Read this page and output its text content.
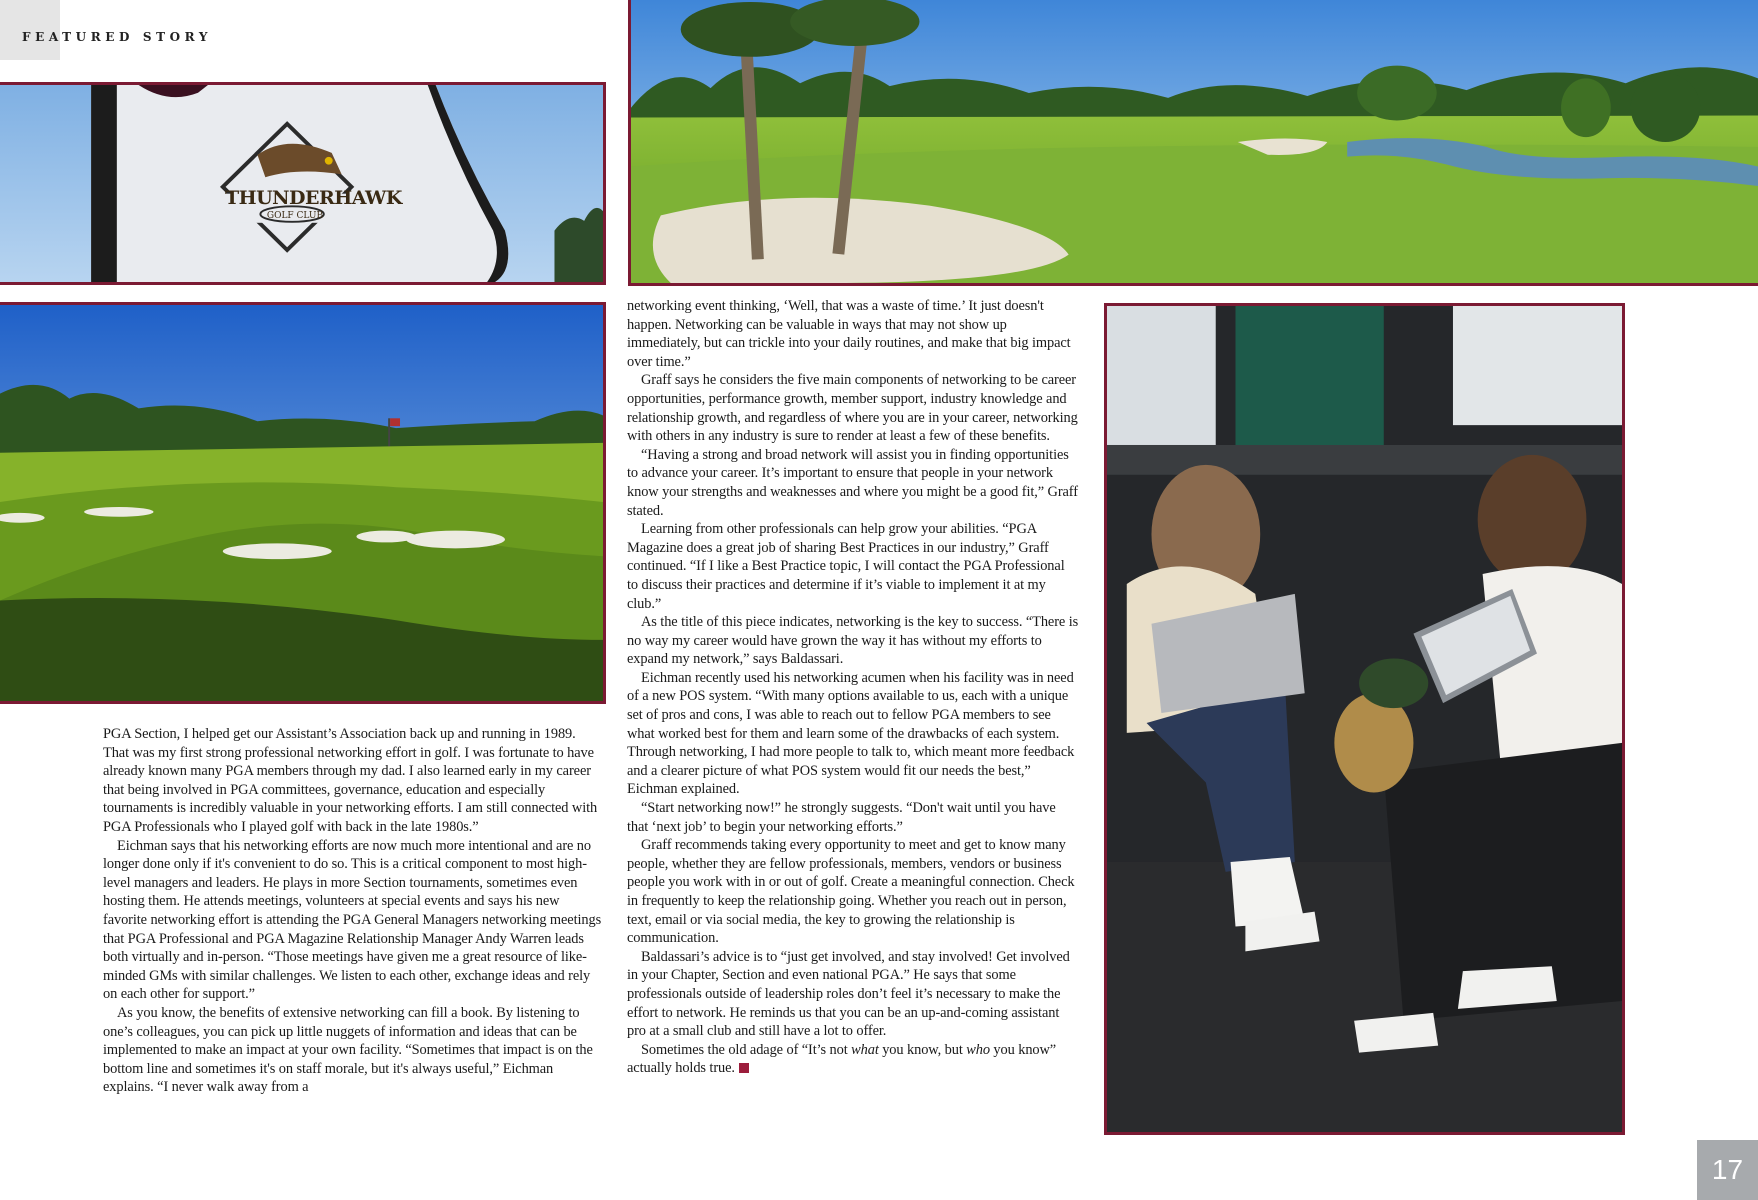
FEATURED STORY
THUNDERHAWK
GOLF CLUB

PGA Section, I helped get our Assistant’s Association back up and running in 1989. That was my first strong professional networking effort in golf. I was fortunate to have already known many PGA members through my dad. I also learned early in my career that being involved in PGA committees, governance, education and especially tournaments is incredibly valuable in your networking efforts. I am still connected with PGA Professionals who I played golf with back in the late 1980s.”

Eichman says that his networking efforts are now much more intentional and are no longer done only if it's convenient to do so. This is a critical component to most high-level managers and leaders. He plays in more Section tournaments, sometimes even hosting them. He attends meetings, volunteers at special events and says his new favorite networking effort is attending the PGA General Managers networking meetings that PGA Professional and PGA Magazine Relationship Manager Andy Warren leads both virtually and in-person. “Those meetings have given me a great resource of like-minded GMs with similar challenges. We listen to each other, exchange ideas and rely on each other for support.”

As you know, the benefits of extensive networking can fill a book. By listening to one’s colleagues, you can pick up little nuggets of information and ideas that can be implemented to make an impact at your own facility. “Sometimes that impact is on the bottom line and sometimes it's on staff morale, but it's always useful,” Eichman explains. “I never walk away from a

networking event thinking, ‘Well, that was a waste of time.’ It just doesn't happen. Networking can be valuable in ways that may not show up immediately, but can trickle into your daily routines, and make that big impact over time.”

Graff says he considers the five main components of networking to be career opportunities, performance growth, member support, industry knowledge and relationship growth, and regardless of where you are in your career, networking with others in any industry is sure to render at least a few of these benefits.

“Having a strong and broad network will assist you in finding opportunities to advance your career. It’s important to ensure that people in your network know your strengths and weaknesses and where you might be a good fit,” Graff stated.

Learning from other professionals can help grow your abilities. “PGA Magazine does a great job of sharing Best Practices in our industry,” Graff continued. “If I like a Best Practice topic, I will contact the PGA Professional to discuss their practices and determine if it’s viable to implement it at my club.”

As the title of this piece indicates, networking is the key to success. “There is no way my career would have grown the way it has without my efforts to expand my network,” says Baldassari.

Eichman recently used his networking acumen when his facility was in need of a new POS system. “With many options available to us, each with a unique set of pros and cons, I was able to reach out to fellow PGA members to see what worked best for them and learn some of the drawbacks of each system. Through networking, I had more people to talk to, which meant more feedback and a clearer picture of what POS system would fit our needs the best,” Eichman explained.

“Start networking now!” he strongly suggests. “Don't wait until you have that ‘next job’ to begin your networking efforts.”

Graff recommends taking every opportunity to meet and get to know many people, whether they are fellow professionals, members, vendors or business people you work with in or out of golf. Create a meaningful connection. Check in frequently to keep the relationship going. Whether you reach out in person, text, email or via social media, the key to growing the relationship is communication.

Baldassari’s advice is to “just get involved, and stay involved! Get involved in your Chapter, Section and even national PGA.” He says that some professionals outside of leadership roles don’t feel it’s necessary to make the effort to network. He reminds us that you can be an up-and-coming assistant pro at a small club and still have a lot to offer.

Sometimes the old adage of “It’s not what you know, but who you know” actually holds true.

17
